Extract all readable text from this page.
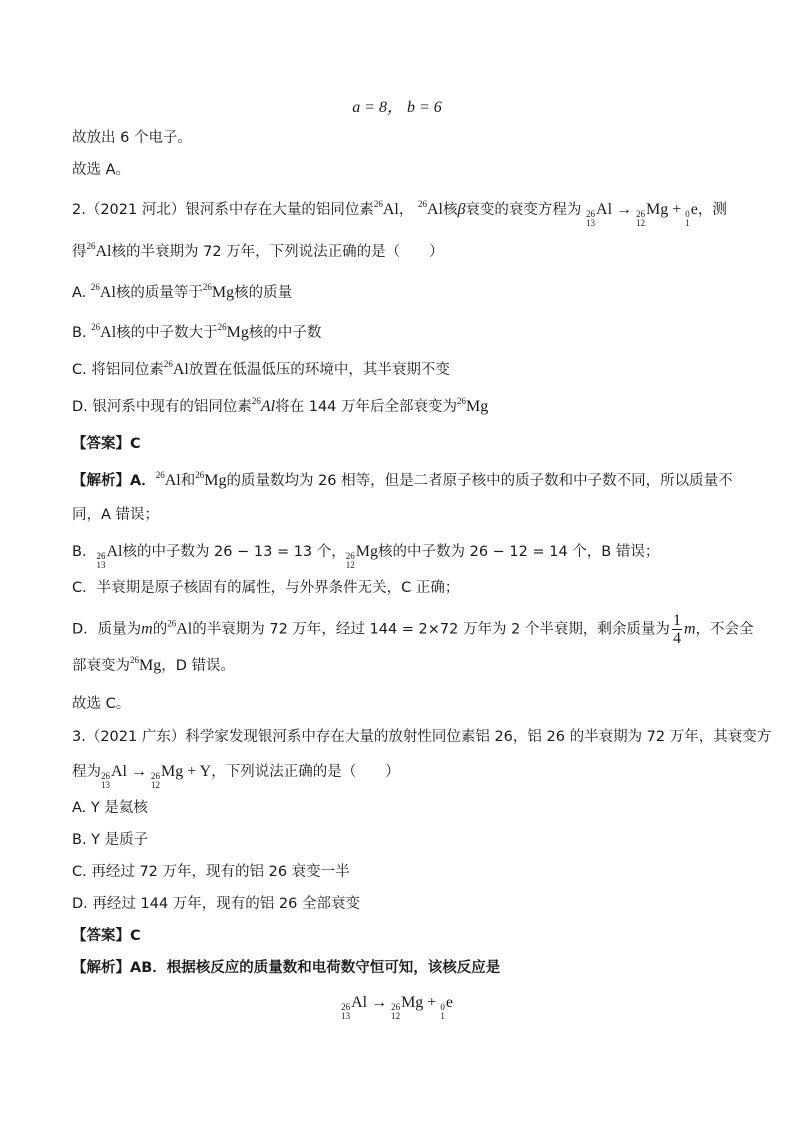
a = 8， b = 6
故放出 6 个电子。
故选 A。
2.（2021 河北）银河系中存在大量的铝同位素$^{26}$Al， $^{26}$Al核β衰变的衰变方程为 26
13
Al → 26
12
Mg + 0
1
e，测
得$^{26}$Al核的半衰期为 72 万年，下列说法正确的是（　　）
A. $^{26}$Al核的质量等于$^{26}$Mg核的质量
B. $^{26}$Al核的中子数大于$^{26}$Mg核的中子数
C. 将铝同位素$^{26}$Al放置在低温低压的环境中，其半衰期不变
D. 银河系中现有的铝同位素$^{26}$Al将在 144 万年后全部衰变为$^{26}$Mg
【答案】C
【解析】A．$^{26}$Al和$^{26}$Mg的质量数均为 26 相等，但是二者原子核中的质子数和中子数不同，所以质量不
同，A 错误；
B． 26
13
Al核的中子数为 26 − 13 = 13 个， 26
12
Mg核的中子数为 26 − 12 = 14 个，B 错误；
C．半衰期是原子核固有的属性，与外界条件无关，C 正确；
D．质量为m的$^{26}$Al的半衰期为 72 万年，经过 144 = 2×72 万年为 2 个半衰期，剩余质量为 $\frac{1}{4}$ m，不会全
部衰变为$^{26}$Mg，D 错误。
故选 C。
3.（2021 广东）科学家发现银河系中存在大量的放射性同位素铝 26，铝 26 的半衰期为 72 万年，其衰变方
程为 26
13
Al → 26
12
Mg + Y，下列说法正确的是（　　）
A. Y 是氦核
B. Y 是质子
C. 再经过 72 万年，现有的铝 26 衰变一半
D. 再经过 144 万年，现有的铝 26 全部衰变
【答案】C
【解析】AB．根据核反应的质量数和电荷数守恒可知，该核反应是
26
13
Al → 26
12
Mg + 0
1
e
